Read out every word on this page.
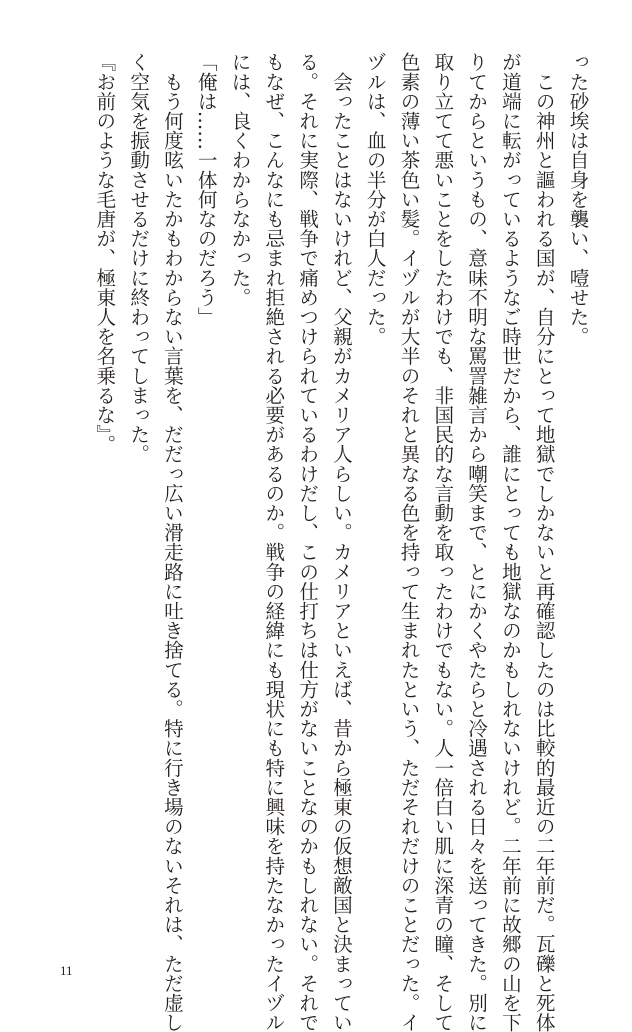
った砂埃は自身を襲い、噎せた。

　この神州と謳われる国が、自分にとって地獄でしかないと再確認したのは比較的最近の二年前だ。瓦礫と死体

が道端に転がっているようなご時世だから、誰にとっても地獄なのかもしれないけれど。二年前に故郷の山を下

りてからというもの、意味不明な罵詈雑言から嘲笑まで、とにかくやたらと冷遇される日々を送ってきた。別に

取り立てて悪いことをしたわけでも、非国民的な言動を取ったわけでもない。人一倍白い肌に深青の瞳、そして

色素の薄い茶色い髪。イヅルが大半のそれと異なる色を持って生まれたという、ただそれだけのことだった。イ

ヅルは、血の半分が白人だった。

　会ったことはないけれど、父親がカメリア人らしい。カメリアといえば、昔から極東の仮想敵国と決まってい

る。それに実際、戦争で痛めつけられているわけだし、この仕打ちは仕方がないことなのかもしれない。それで

もなぜ、こんなにも忌まれ拒絶される必要があるのか。戦争の経緯にも現状にも特に興味を持たなかったイヅル

には、良くわからなかった。

「俺は……一体何なのだろう」

　もう何度呟いたかもわからない言葉を、だだっ広い滑走路に吐き捨てる。特に行き場のないそれは、ただ虚し

く空気を振動させるだけに終わってしまった。

『お前のような毛唐が、極東人を名乗るな』。

11
